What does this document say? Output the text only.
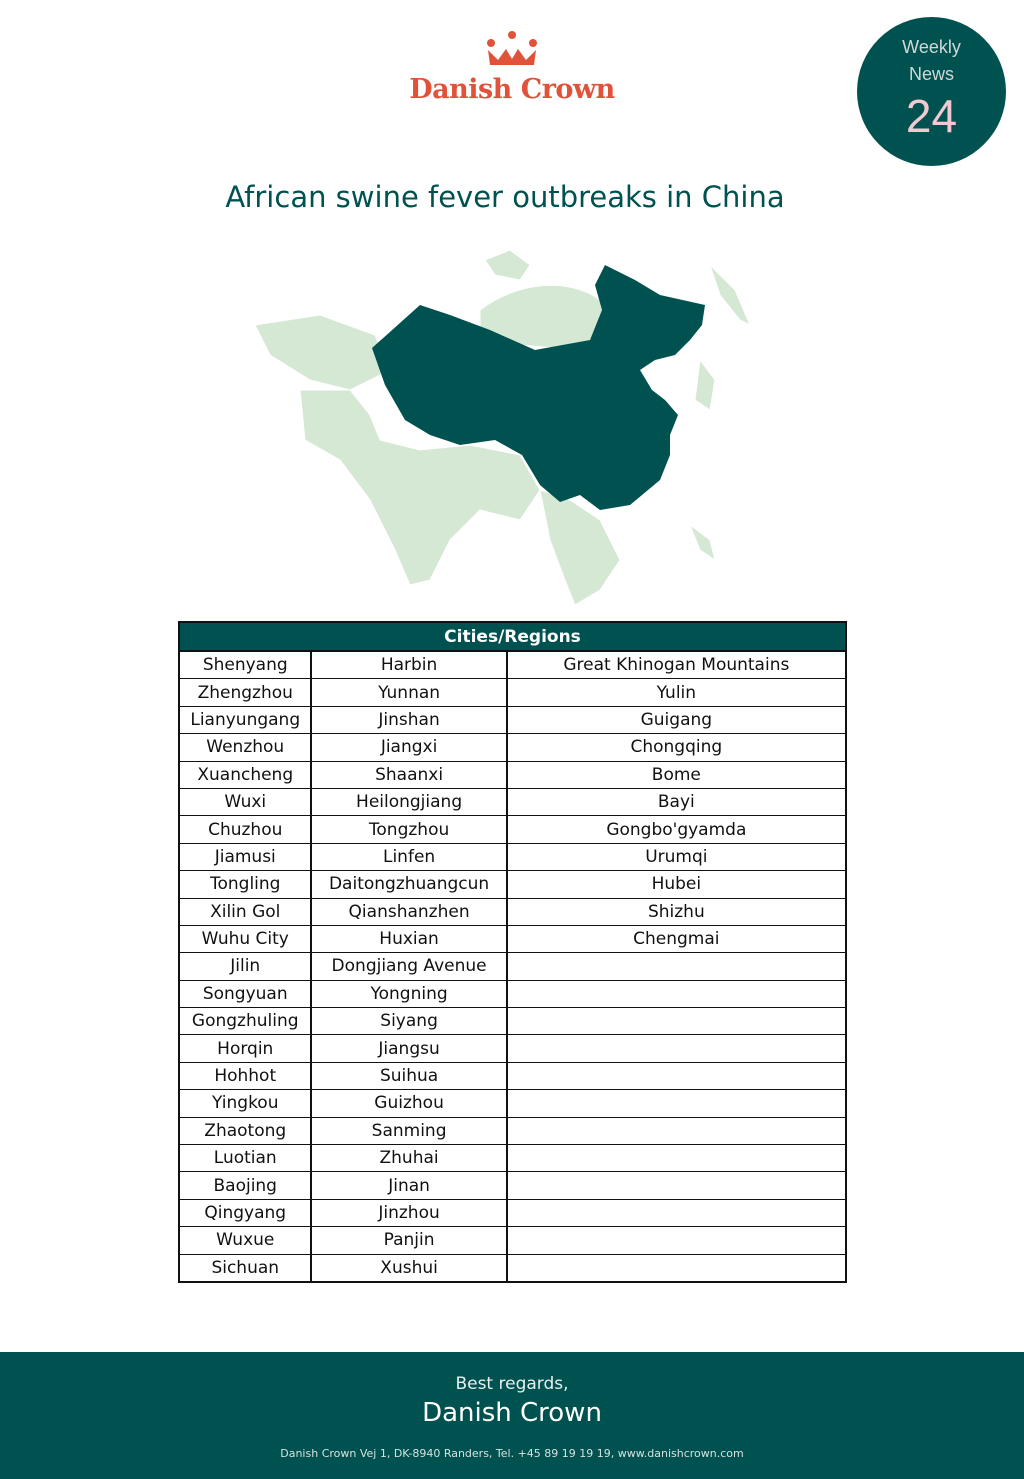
Danish Crown
Weekly
News
24
African swine fever outbreaks in China
Cities/Regions		
Shenyang	Harbin	Great Khinogan Mountains
Zhengzhou	Yunnan	Yulin
Lianyungang	Jinshan	Guigang
Wenzhou	Jiangxi	Chongqing
Xuancheng	Shaanxi	Bome
Wuxi	Heilongjiang	Bayi
Chuzhou	Tongzhou	Gongbo'gyamda
Jiamusi	Linfen	Urumqi
Tongling	Daitongzhuangcun	Hubei
Xilin Gol	Qianshanzhen	Shizhu
Wuhu City	Huxian	Chengmai
Jilin	Dongjiang Avenue	
Songyuan	Yongning	
Gongzhuling	Siyang	
Horqin	Jiangsu	
Hohhot	Suihua	
Yingkou	Guizhou	
Zhaotong	Sanming	
Luotian	Zhuhai	
Baojing	Jinan	
Qingyang	Jinzhou	
Wuxue	Panjin	
Sichuan	Xushui	
Best regards,
Danish Crown
Danish Crown Vej 1, DK-8940 Randers, Tel. +45 89 19 19 19, www.danishcrown.com
